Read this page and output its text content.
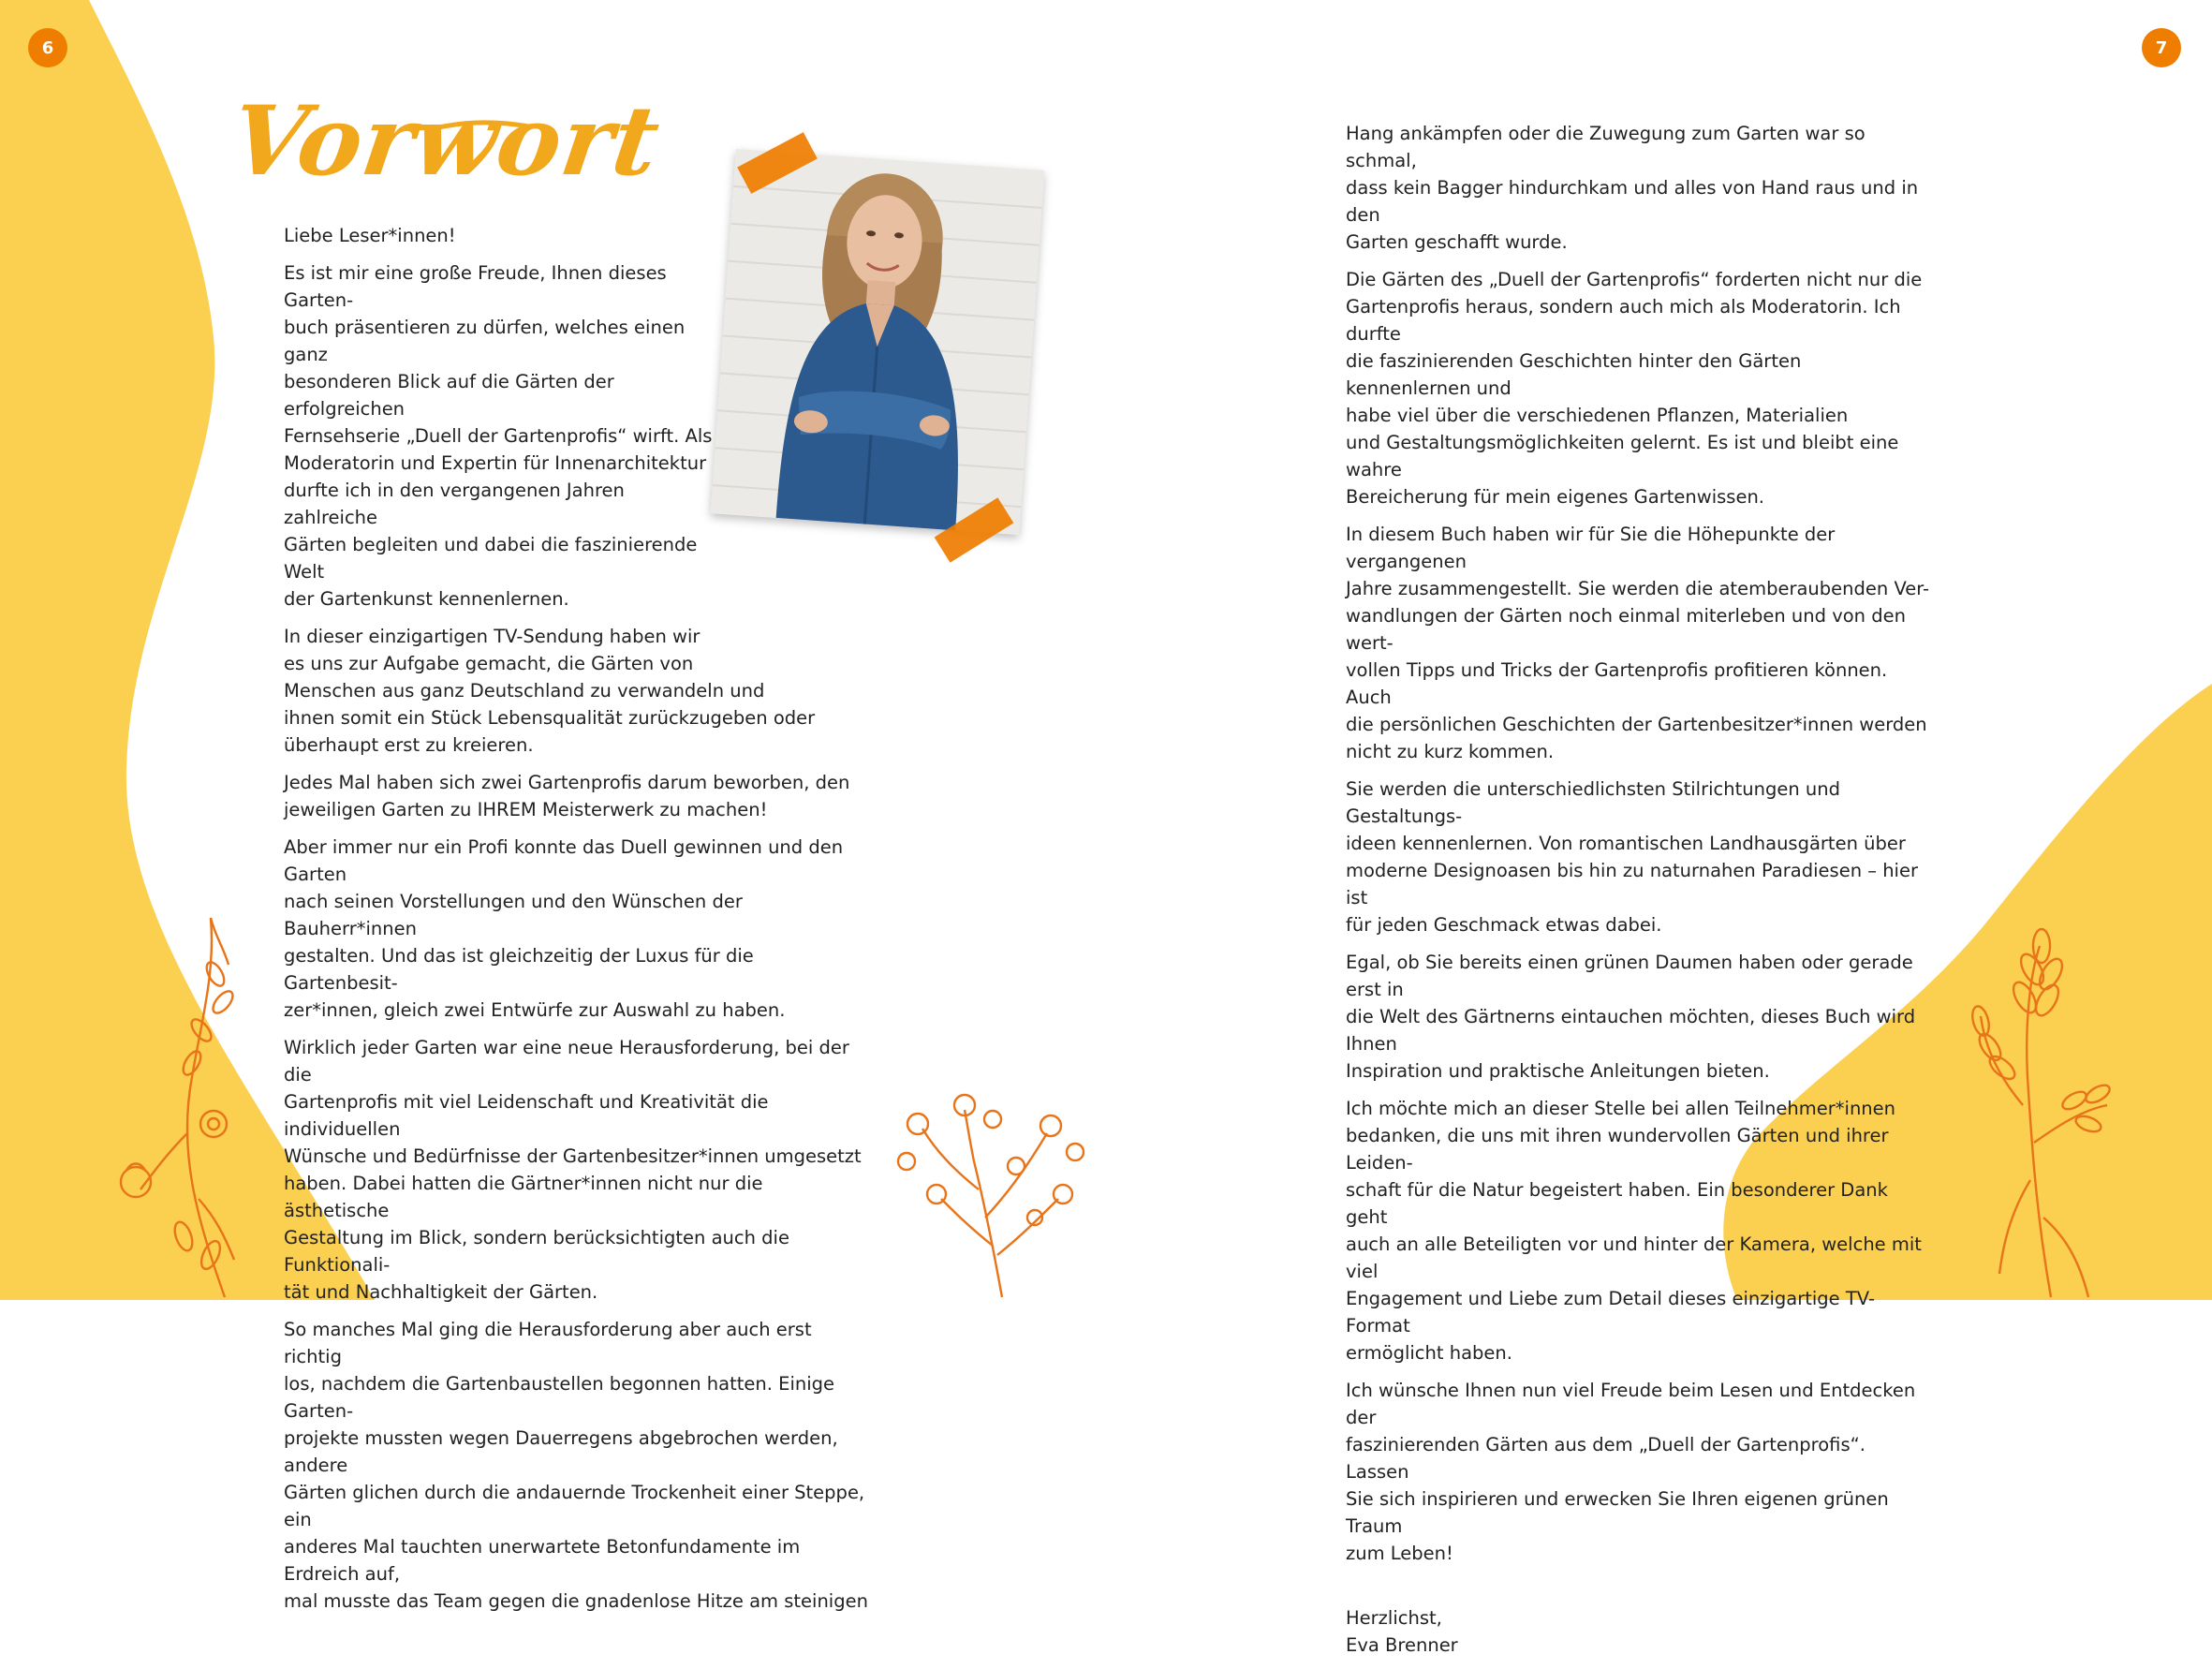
6	7
Vorwort

Liebe Leser*innen!

Es ist mir eine große Freude, Ihnen dieses Garten-
buch präsentieren zu dürfen, welches einen ganz
besonderen Blick auf die Gärten der erfolgreichen
Fernsehserie „Duell der Gartenprofis“ wirft. Als
Moderatorin und Expertin für Innenarchitektur
durfte ich in den vergangenen Jahren zahlreiche
Gärten begleiten und dabei die faszinierende Welt
der Gartenkunst kennenlernen.

In dieser einzigartigen TV-Sendung haben wir
es uns zur Aufgabe gemacht, die Gärten von
Menschen aus ganz Deutschland zu verwandeln und
ihnen somit ein Stück Lebensqualität zurückzugeben oder
überhaupt erst zu kreieren.

Jedes Mal haben sich zwei Gartenprofis darum beworben, den
jeweiligen Garten zu IHREM Meisterwerk zu machen!

Aber immer nur ein Profi konnte das Duell gewinnen und den Garten
nach seinen Vorstellungen und den Wünschen der Bauherr*innen
gestalten. Und das ist gleichzeitig der Luxus für die Gartenbesit-
zer*innen, gleich zwei Entwürfe zur Auswahl zu haben.

Wirklich jeder Garten war eine neue Herausforderung, bei der die
Gartenprofis mit viel Leidenschaft und Kreativität die individuellen
Wünsche und Bedürfnisse der Gartenbesitzer*innen umgesetzt
haben. Dabei hatten die Gärtner*innen nicht nur die ästhetische
Gestaltung im Blick, sondern berücksichtigten auch die Funktionali-
tät und Nachhaltigkeit der Gärten.

So manches Mal ging die Herausforderung aber auch erst richtig
los, nachdem die Gartenbaustellen begonnen hatten. Einige Garten-
projekte mussten wegen Dauerregens abgebrochen werden, andere
Gärten glichen durch die andauernde Trockenheit einer Steppe, ein
anderes Mal tauchten unerwartete Betonfundamente im Erdreich auf,
mal musste das Team gegen die gnadenlose Hitze am steinigen

Hang ankämpfen oder die Zuwegung zum Garten war so schmal,
dass kein Bagger hindurchkam und alles von Hand raus und in den
Garten geschafft wurde.

Die Gärten des „Duell der Gartenprofis“ forderten nicht nur die
Gartenprofis heraus, sondern auch mich als Moderatorin. Ich durfte
die faszinierenden Geschichten hinter den Gärten kennenlernen und
habe viel über die verschiedenen Pflanzen, Materialien
und Gestaltungsmöglichkeiten gelernt. Es ist und bleibt eine wahre
Bereicherung für mein eigenes Gartenwissen.

In diesem Buch haben wir für Sie die Höhepunkte der vergangenen
Jahre zusammengestellt. Sie werden die atemberaubenden Ver-
wandlungen der Gärten noch einmal miterleben und von den wert-
vollen Tipps und Tricks der Gartenprofis profitieren können. Auch
die persönlichen Geschichten der Gartenbesitzer*innen werden
nicht zu kurz kommen.

Sie werden die unterschiedlichsten Stilrichtungen und Gestaltungs-
ideen kennenlernen. Von romantischen Landhausgärten über
moderne Designoasen bis hin zu naturnahen Paradiesen – hier ist
für jeden Geschmack etwas dabei.

Egal, ob Sie bereits einen grünen Daumen haben oder gerade erst in
die Welt des Gärtnerns eintauchen möchten, dieses Buch wird Ihnen
Inspiration und praktische Anleitungen bieten.

Ich möchte mich an dieser Stelle bei allen Teilnehmer*innen
bedanken, die uns mit ihren wundervollen Gärten und ihrer Leiden-
schaft für die Natur begeistert haben. Ein besonderer Dank geht
auch an alle Beteiligten vor und hinter der Kamera, welche mit viel
Engagement und Liebe zum Detail dieses einzigartige TV-Format
ermöglicht haben.

Ich wünsche Ihnen nun viel Freude beim Lesen und Entdecken der
faszinierenden Gärten aus dem „Duell der Gartenprofis“. Lassen
Sie sich inspirieren und erwecken Sie Ihren eigenen grünen Traum
zum Leben!

Herzlichst,
Eva Brenner
